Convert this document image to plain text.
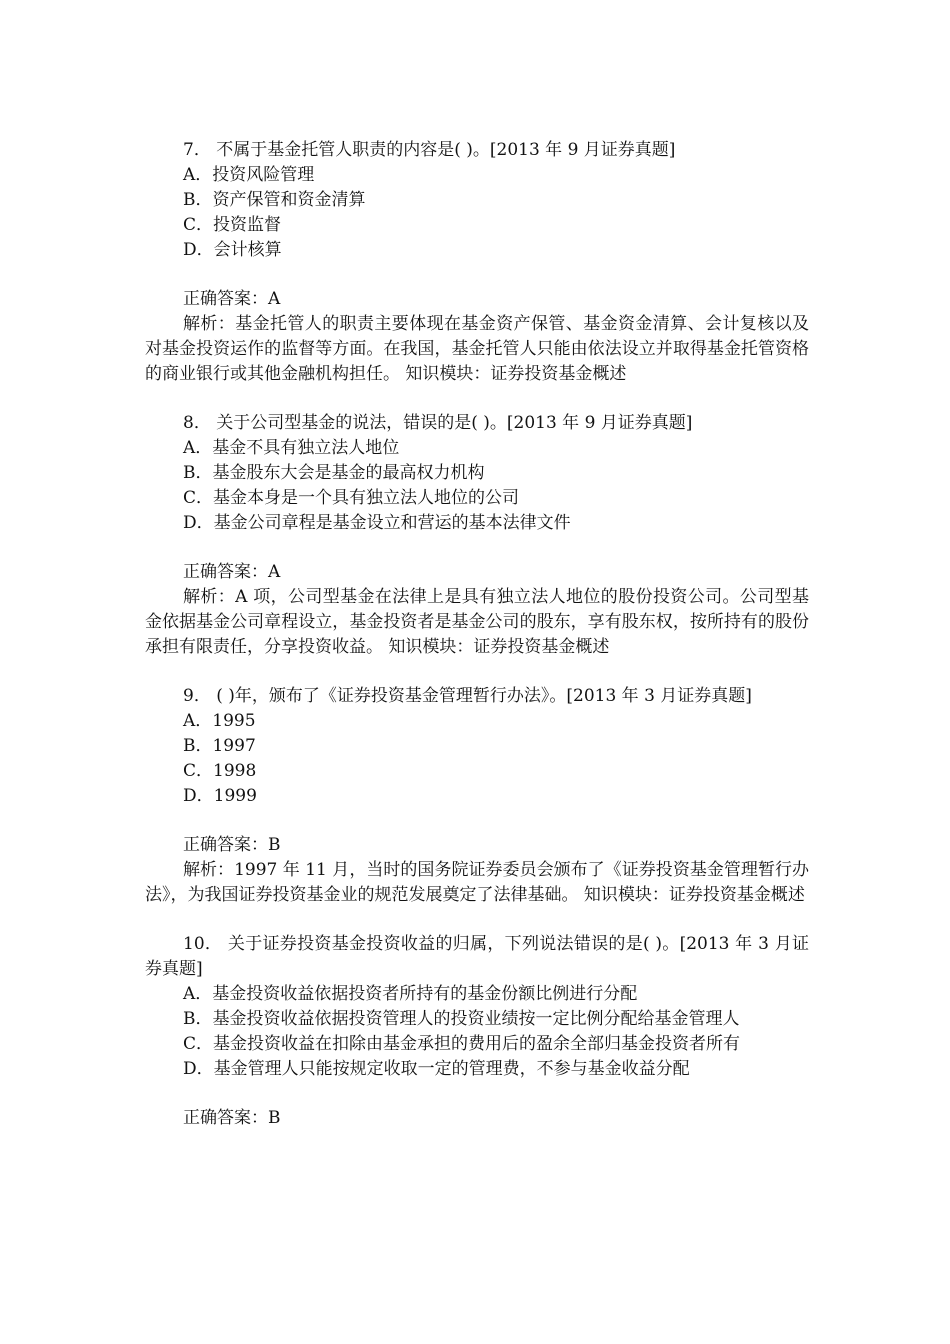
7． 不属于基金托管人职责的内容是( )。[2013 年 9 月证券真题]
A．投资风险管理
B．资产保管和资金清算
C．投资监督
D．会计核算
正确答案：A
解析：基金托管人的职责主要体现在基金资产保管、基金资金清算、会计复核以及对基金投资运作的监督等方面。在我国，基金托管人只能由依法设立并取得基金托管资格的商业银行或其他金融机构担任。 知识模块：证券投资基金概述
8． 关于公司型基金的说法，错误的是( )。[2013 年 9 月证券真题]
A．基金不具有独立法人地位
B．基金股东大会是基金的最高权力机构
C．基金本身是一个具有独立法人地位的公司
D．基金公司章程是基金设立和营运的基本法律文件
正确答案：A
解析：A 项，公司型基金在法律上是具有独立法人地位的股份投资公司。公司型基金依据基金公司章程设立，基金投资者是基金公司的股东，享有股东权，按所持有的股份承担有限责任，分享投资收益。 知识模块：证券投资基金概述
9． ( )年，颁布了《证券投资基金管理暂行办法》。[2013 年 3 月证券真题]
A．1995
B．1997
C．1998
D．1999
正确答案：B
解析：1997 年 11 月，当时的国务院证券委员会颁布了《证券投资基金管理暂行办法》，为我国证券投资基金业的规范发展奠定了法律基础。 知识模块：证券投资基金概述
10． 关于证券投资基金投资收益的归属，下列说法错误的是( )。[2013 年 3 月证券真题]
A．基金投资收益依据投资者所持有的基金份额比例进行分配
B．基金投资收益依据投资管理人的投资业绩按一定比例分配给基金管理人
C．基金投资收益在扣除由基金承担的费用后的盈余全部归基金投资者所有
D．基金管理人只能按规定收取一定的管理费，不参与基金收益分配
正确答案：B
